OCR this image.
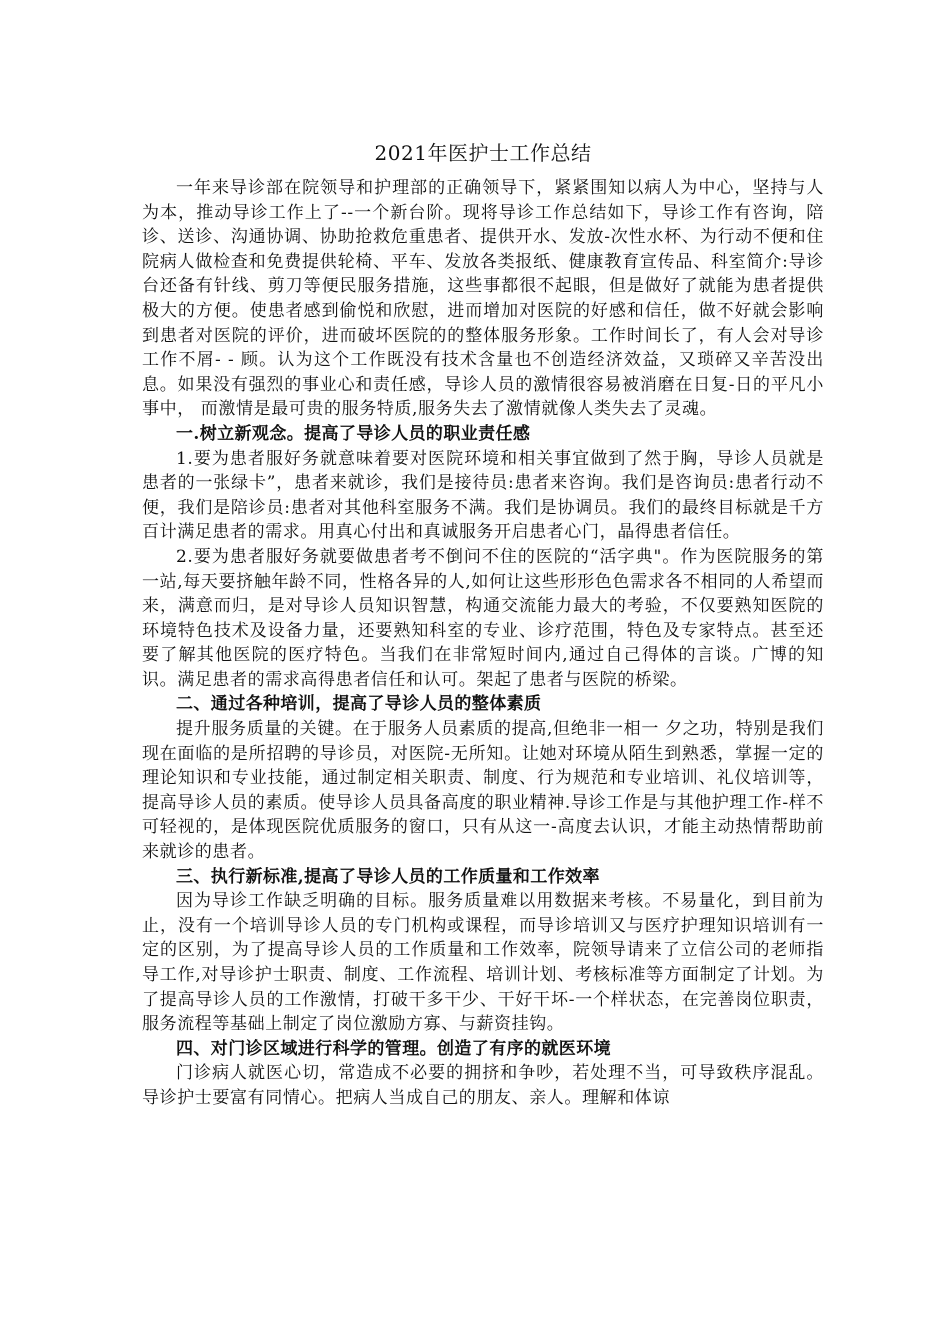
2021年医护士工作总结

一年来导诊部在院领导和护理部的正确领导下，紧紧围知以病人为中心，坚持与人为本，推动导诊工作上了--一个新台阶。现将导诊工作总结如下，导诊工作有咨询，陪诊、送诊、沟通协调、协助抢救危重患者、提供开水、发放-次性水杯、为行动不便和住院病人做检查和免费提供轮椅、平车、发放各类报纸、健康教育宣传品、科室简介:导诊台还备有针线、剪刀等便民服务措施，这些事都很不起眼，但是做好了就能为患者提供极大的方便。使患者感到偷悦和欣慰，进而增加对医院的好感和信任，做不好就会影响到患者对医院的评价，进而破坏医院的的整体服务形象。工作时间长了，有人会对导诊工作不屑- - 顾。认为这个工作既没有技术含量也不创造经济效益，又琐碎又辛苦没出息。如果没有强烈的事业心和责任感，导诊人员的激情很容易被消磨在日复-日的平凡小事中， 而激情是最可贵的服务特质,服务失去了激情就像人类失去了灵魂。

一.树立新观念。提高了导诊人员的职业责任感

1.要为患者服好务就意味着要对医院环境和相关事宜做到了然于胸，导诊人员就是患者的一张绿卡”，患者来就诊，我们是接待员:患者来咨询。我们是咨询员:患者行动不便，我们是陪诊员:患者对其他科室服务不满。我们是协调员。我们的最终目标就是千方百计满足患者的需求。用真心付出和真诚服务开启患者心门，晶得患者信任。

2.要为患者服好务就要做患者考不倒问不住的医院的“活字典"。作为医院服务的第一站,每天要挤触年龄不同，性格各异的人,如何让这些形形色色需求各不相同的人希望而来，满意而归，是对导诊人员知识智慧，构通交流能力最大的考验，不仅要熟知医院的环境特色技术及设备力量，还要熟知科室的专业、诊疗范围，特色及专家特点。甚至还要了解其他医院的医疗特色。当我们在非常短时间内,通过自己得体的言谈。广博的知识。满足患者的需求高得患者信任和认可。架起了患者与医院的桥梁。

二、通过各种培训，提高了导诊人员的整体素质

提升服务质量的关键。在于服务人员素质的提高,但绝非一相一 夕之功，特别是我们现在面临的是所招聘的导诊员，对医院-无所知。让她对环境从陌生到熟悉，掌握一定的理论知识和专业技能，通过制定相关职责、制度、行为规范和专业培训、礼仪培训等，提高导诊人员的素质。使导诊人员具备高度的职业精神.导诊工作是与其他护理工作-样不可轻视的，是体现医院优质服务的窗口，只有从这一-高度去认识，才能主动热情帮助前来就诊的患者。

三、执行新标准,提高了导诊人员的工作质量和工作效率

因为导诊工作缺乏明确的目标。服务质量难以用数据来考核。不易量化，到目前为止，没有一个培训导诊人员的专门机构或课程，而导诊培训又与医疗护理知识培训有一定的区别，为了提高导诊人员的工作质量和工作效率，院领导请来了立信公司的老师指导工作,对导诊护士职责、制度、工作流程、培训计划、考核标准等方面制定了计划。为了提高导诊人员的工作激情，打破干多干少、干好干坏-一个样状态，在完善岗位职责，服务流程等基础上制定了岗位激励方寡、与薪资挂钩。

四、对门诊区域进行科学的管理。创造了有序的就医环境

门诊病人就医心切，常造成不必要的拥挤和争吵，若处理不当，可导致秩序混乱。导诊护士要富有同情心。把病人当成自己的朋友、亲人。理解和体谅
